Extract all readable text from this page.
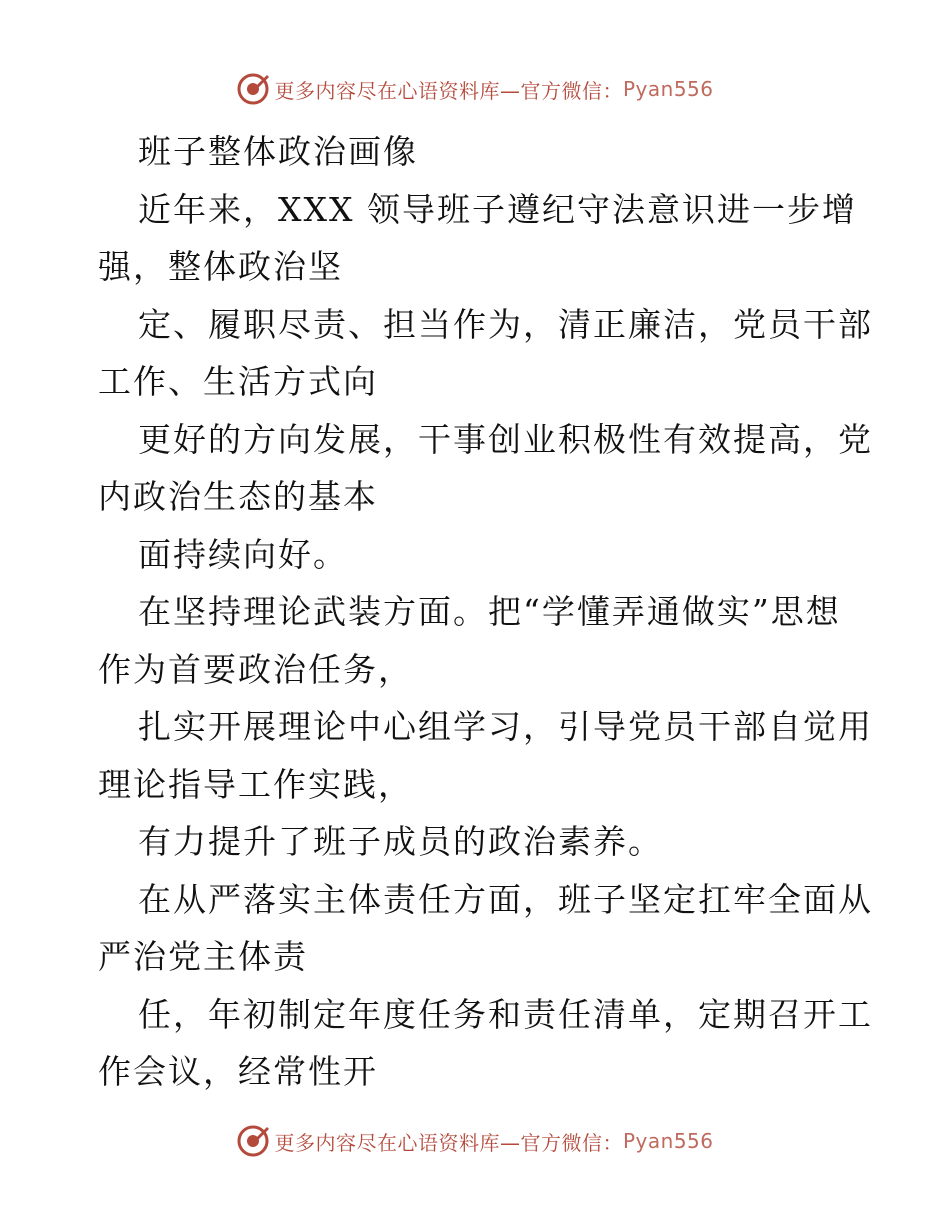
更多内容尽在心语资料库—官方微信： Pyan556
班子整体政治画像
近年来，XXX 领导班子遵纪守法意识进一步增
强，整体政治坚
定、履职尽责、担当作为，清正廉洁，党员干部
工作、生活方式向
更好的方向发展，干事创业积极性有效提高，党
内政治生态的基本
面持续向好。
在坚持理论武装方面。把“学懂弄通做实”思想
作为首要政治任务，
扎实开展理论中心组学习，引导党员干部自觉用
理论指导工作实践，
有力提升了班子成员的政治素养。
在从严落实主体责任方面，班子坚定扛牢全面从
严治党主体责
任，年初制定年度任务和责任清单，定期召开工
作会议，经常性开
更多内容尽在心语资料库—官方微信： Pyan556
